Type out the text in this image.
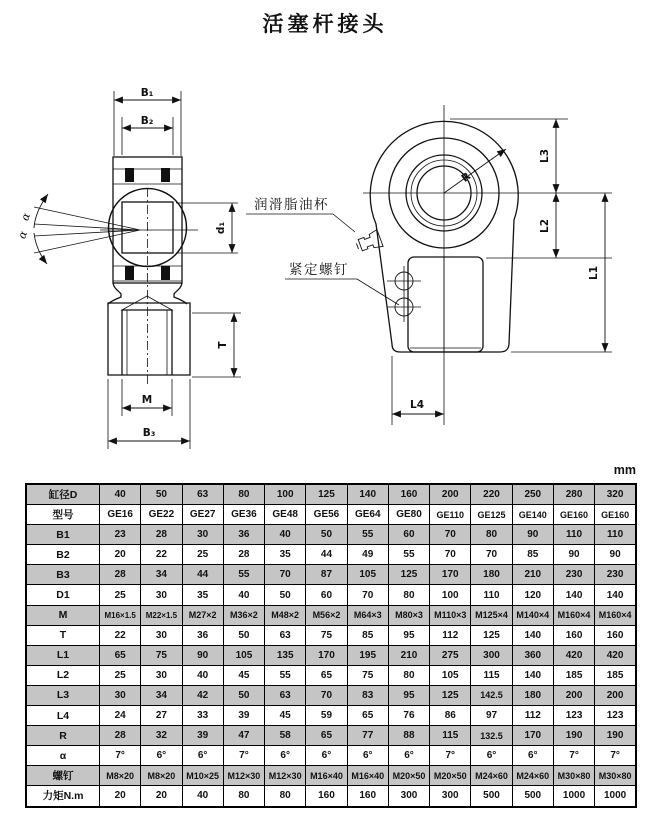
活塞杆接头
α
α
B₁
B₂
d₁
T
M
B₃
R
L3
L2
L1
L4
润滑脂油杯
紧定螺钉
mm
缸径D	40	50	63	80	100	125	140	160	200	220	250	280	320
型号	GE16	GE22	GE27	GE36	GE48	GE56	GE64	GE80	GE110	GE125	GE140	GE160	GE160
B1	23	28	30	36	40	50	55	60	70	80	90	110	110
B2	20	22	25	28	35	44	49	55	70	70	85	90	90
B3	28	34	44	55	70	87	105	125	170	180	210	230	230
D1	25	30	35	40	50	60	70	80	100	110	120	140	140
M	M16×1.5	M22×1.5	M27×2	M36×2	M48×2	M56×2	M64×3	M80×3	M110×3	M125×4	M140×4	M160×4	M160×4
T	22	30	36	50	63	75	85	95	112	125	140	160	160
L1	65	75	90	105	135	170	195	210	275	300	360	420	420
L2	25	30	40	45	55	65	75	80	105	115	140	185	185
L3	30	34	42	50	63	70	83	95	125	142.5	180	200	200
L4	24	27	33	39	45	59	65	76	86	97	112	123	123
R	28	32	39	47	58	65	77	88	115	132.5	170	190	190
α	7°	6°	6°	7°	6°	6°	6°	6°	7°	6°	6°	7°	7°
螺钉	M8×20	M8×20	M10×25	M12×30	M12×30	M16×40	M16×40	M20×50	M20×50	M24×60	M24×60	M30×80	M30×80
力矩N.m	20	20	40	80	80	160	160	300	300	500	500	1000	1000
